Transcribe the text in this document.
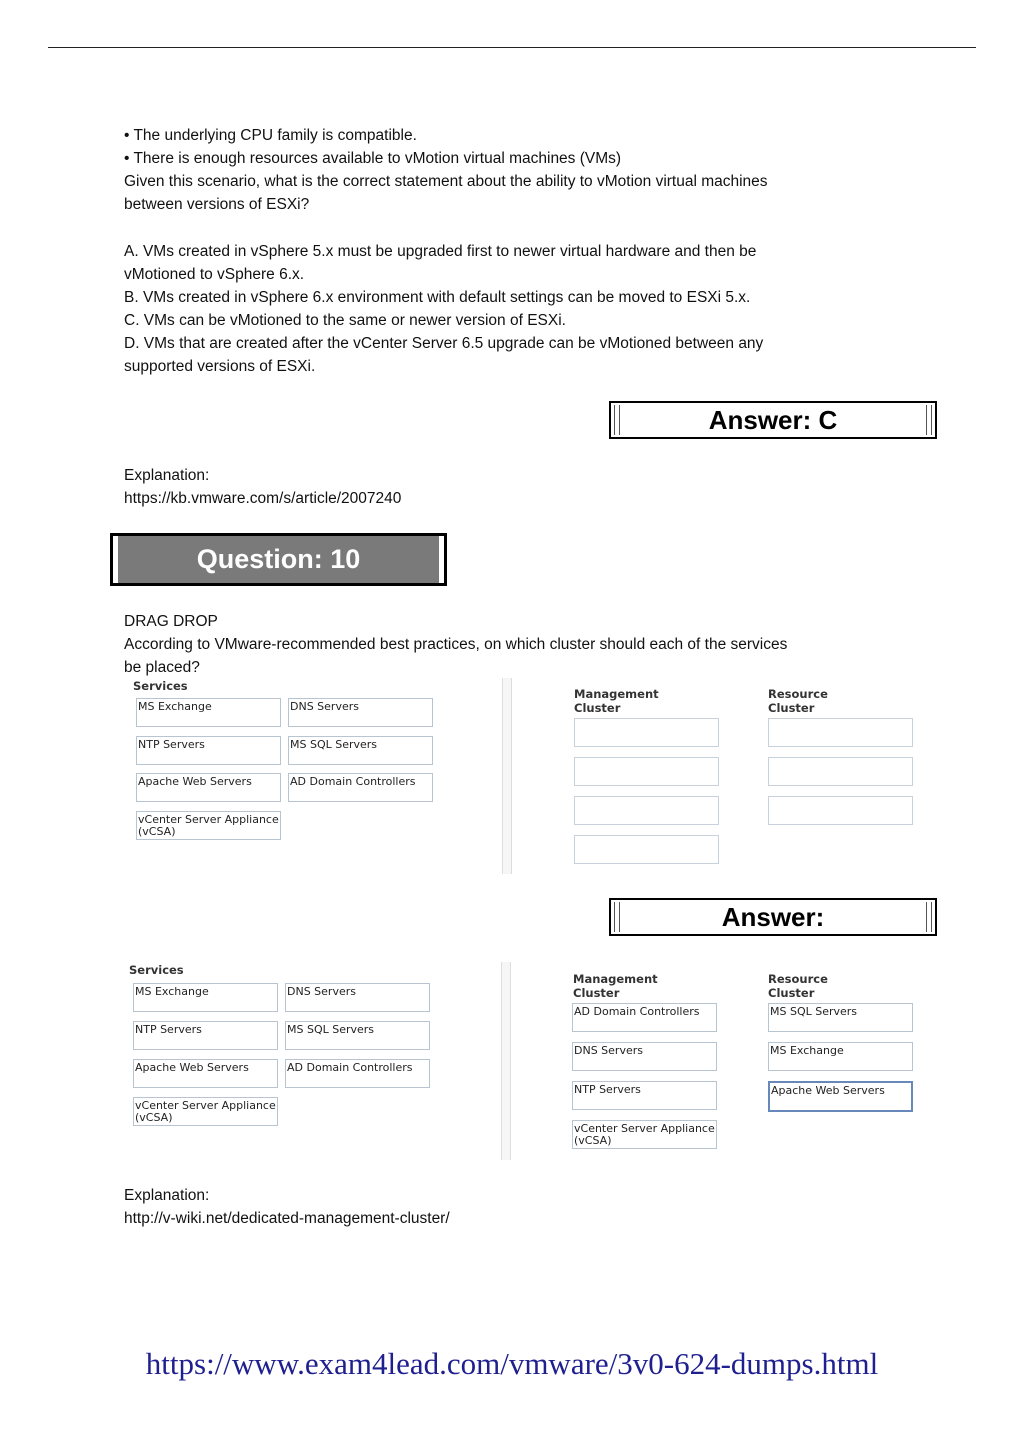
• The underlying CPU family is compatible.
• There is enough resources available to vMotion virtual machines (VMs)
Given this scenario, what is the correct statement about the ability to vMotion virtual machines
between versions of ESXi?
A. VMs created in vSphere 5.x must be upgraded first to newer virtual hardware and then be
vMotioned to vSphere 6.x.
B. VMs created in vSphere 6.x environment with default settings can be moved to ESXi 5.x.
C. VMs can be vMotioned to the same or newer version of ESXi.
D. VMs that are created after the vCenter Server 6.5 upgrade can be vMotioned between any
supported versions of ESXi.
Answer: C
Explanation:
https://kb.vmware.com/s/article/2007240
Question: 10
DRAG DROP
According to VMware-recommended best practices, on which cluster should each of the services
be placed?
Services
MS Exchange
NTP Servers
Apache Web Servers
vCenter Server Appliance (vCSA)
DNS Servers
MS SQL Servers
AD Domain Controllers
Management Cluster
Resource Cluster
Answer:
Services
MS Exchange
NTP Servers
Apache Web Servers
vCenter Server Appliance (vCSA)
DNS Servers
MS SQL Servers
AD Domain Controllers
Management Cluster
Resource Cluster
AD Domain Controllers
DNS Servers
NTP Servers
vCenter Server Appliance (vCSA)
MS SQL Servers
MS Exchange
Apache Web Servers
Explanation:
http://v-wiki.net/dedicated-management-cluster/
https://www.exam4lead.com/vmware/3v0-624-dumps.html
